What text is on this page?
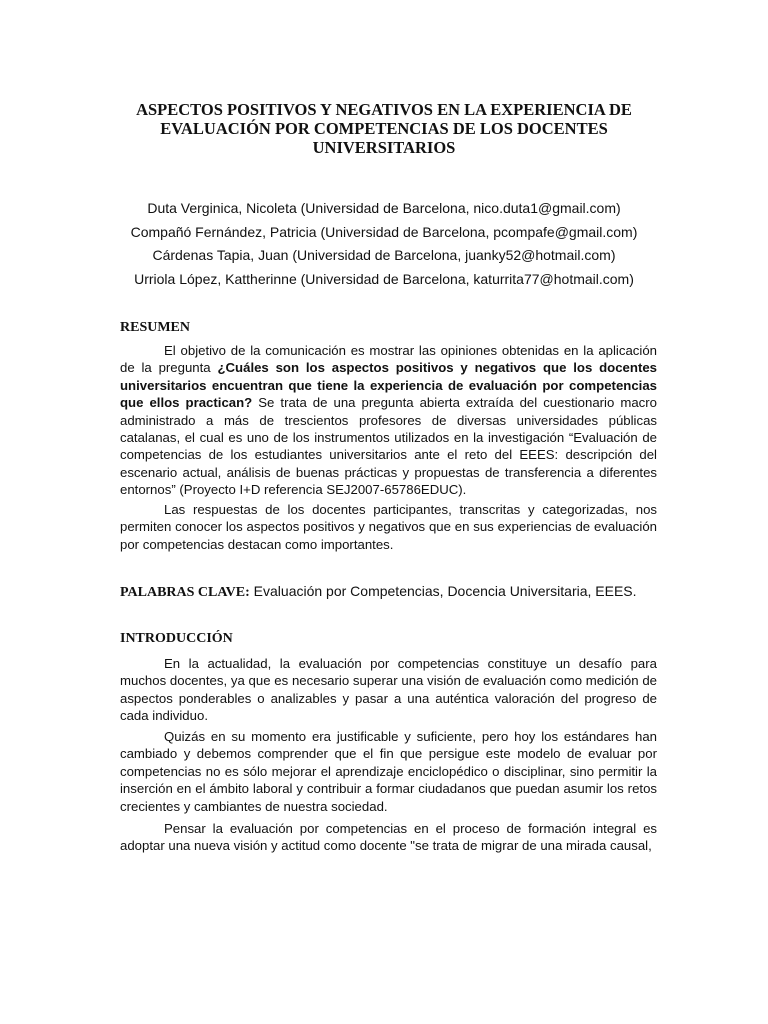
ASPECTOS POSITIVOS Y NEGATIVOS EN LA EXPERIENCIA DE EVALUACIÓN POR COMPETENCIAS DE LOS DOCENTES UNIVERSITARIOS
Duta Verginica, Nicoleta (Universidad de Barcelona, nico.duta1@gmail.com)
Compañó Fernández, Patricia (Universidad de Barcelona, pcompafe@gmail.com)
Cárdenas Tapia, Juan (Universidad de Barcelona, juanky52@hotmail.com)
Urriola López, Kattherinne (Universidad de Barcelona, katurrita77@hotmail.com)
RESUMEN

El objetivo de la comunicación es mostrar las opiniones obtenidas en la aplicación de la pregunta ¿Cuáles son los aspectos positivos y negativos que los docentes universitarios encuentran que tiene la experiencia de evaluación por competencias que ellos practican? Se trata de una pregunta abierta extraída del cuestionario macro administrado a más de trescientos profesores de diversas universidades públicas catalanas, el cual es uno de los instrumentos utilizados en la investigación “Evaluación de competencias de los estudiantes universitarios ante el reto del EEES: descripción del escenario actual, análisis de buenas prácticas y propuestas de transferencia a diferentes entornos” (Proyecto I+D referencia SEJ2007-65786EDUC).

Las respuestas de los docentes participantes, transcritas y categorizadas, nos permiten conocer los aspectos positivos y negativos que en sus experiencias de evaluación por competencias destacan como importantes.

PALABRAS CLAVE: Evaluación por Competencias, Docencia Universitaria, EEES.

INTRODUCCIÓN

En la actualidad, la evaluación por competencias constituye un desafío para muchos docentes, ya que es necesario superar una visión de evaluación como medición de aspectos ponderables o analizables y pasar a una auténtica valoración del progreso de cada individuo.

Quizás en su momento era justificable y suficiente, pero hoy los estándares han cambiado y debemos comprender que el fin que persigue este modelo de evaluar por competencias no es sólo mejorar el aprendizaje enciclopédico o disciplinar, sino permitir la inserción en el ámbito laboral y contribuir a formar ciudadanos que puedan asumir los retos crecientes y cambiantes de nuestra sociedad.

Pensar la evaluación por competencias en el proceso de formación integral es adoptar una nueva visión y actitud como docente "se trata de migrar de una mirada causal,
